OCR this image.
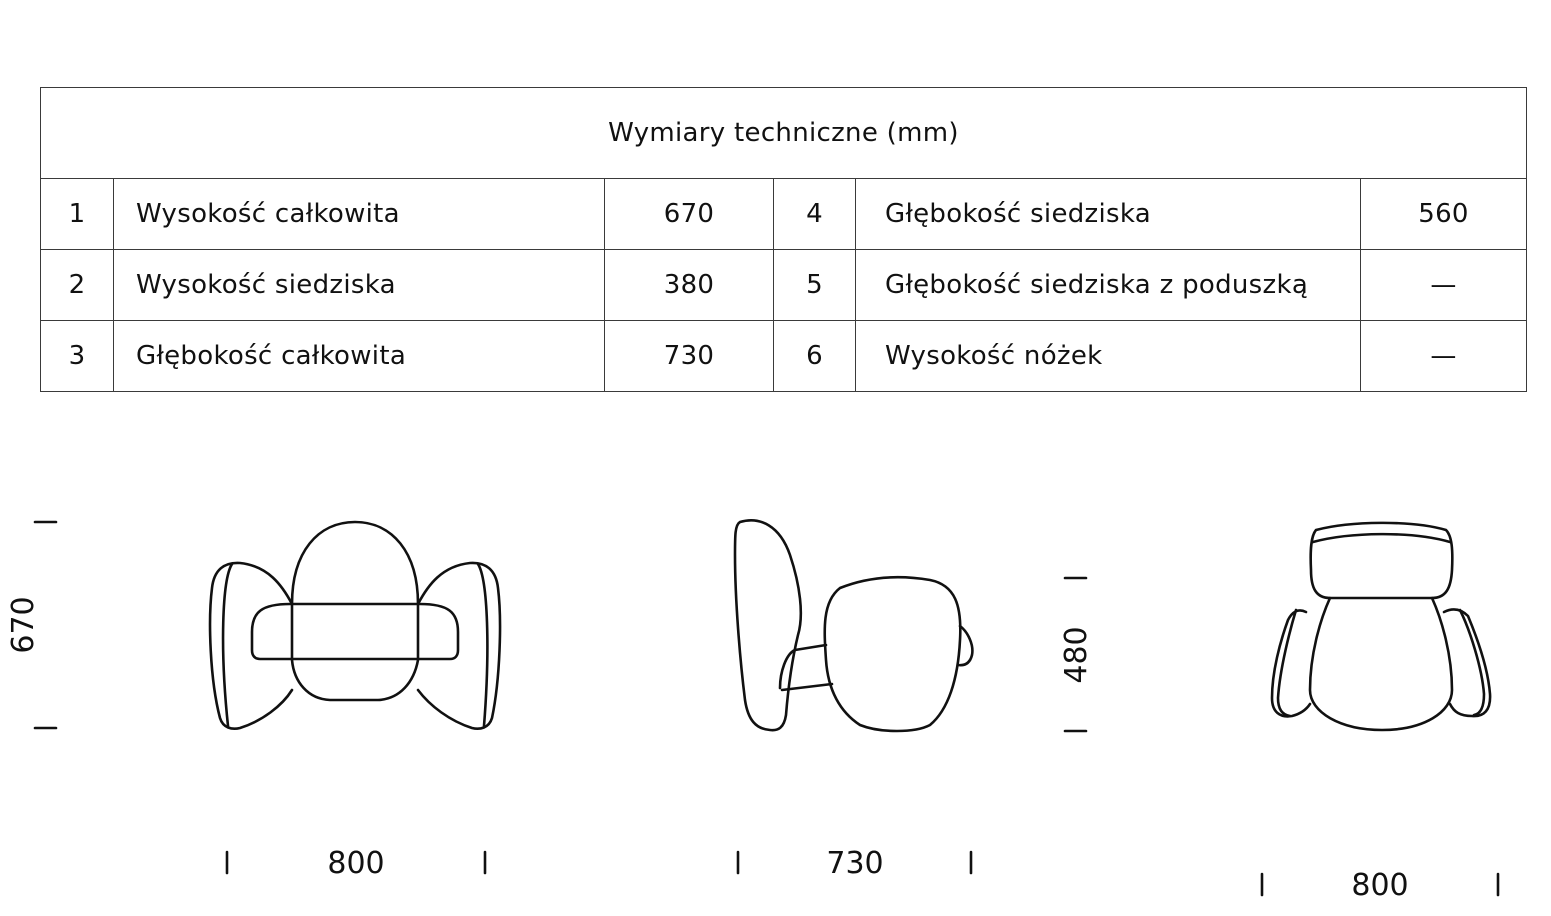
Wymiary techniczne (mm)					
1	Wysokość całkowita	670	4	Głębokość siedziska	560
2	Wysokość siedziska	380	5	Głębokość siedziska z poduszką	—
3	Głębokość całkowita	730	6	Wysokość nóżek	—
670
800	730
480
800
